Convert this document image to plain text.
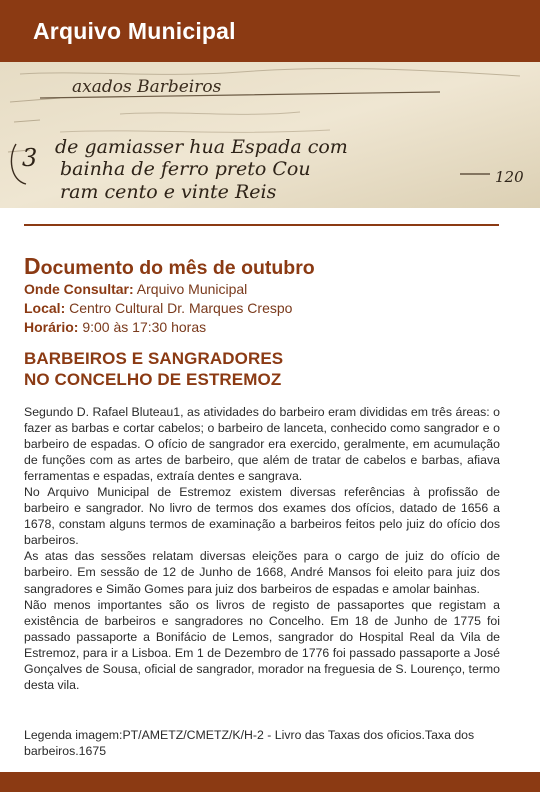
Arquivo Municipal
axados Barbeiros
de gamiasser hua Espada com
bainha de ferro preto Cou
ram cento e vinte Reis
3
120
Documento do mês de outubro
Onde Consultar: Arquivo Municipal
Local: Centro Cultural Dr. Marques Crespo
Horário: 9:00 às 17:30 horas
BARBEIROS E SANGRADORES
NO CONCELHO DE ESTREMOZ

Segundo D. Rafael Bluteau1, as atividades do barbeiro eram divididas em três áreas: o fazer as barbas e cortar cabelos; o barbeiro de lanceta, conhecido como sangrador e o barbeiro de espadas. O ofício de sangrador era exercido, geralmente, em acumulação de funções com as artes de barbeiro, que além de tratar de cabelos e barbas, afiava ferramentas e espadas, extraía dentes e sangrava.

No Arquivo Municipal de Estremoz existem diversas referências à profissão de barbeiro e sangrador. No livro de termos dos exames dos ofícios, datado de 1656 a 1678, constam alguns termos de examinação a barbeiros feitos pelo juiz do ofício dos barbeiros.

As atas das sessões relatam diversas eleições para o cargo de juiz do ofício de barbeiro. Em sessão de 12 de Junho de 1668, André Mansos foi eleito para juiz dos sangradores e Simão Gomes para juiz dos barbeiros de espadas e amolar bainhas.

Não menos importantes são os livros de registo de passaportes que registam a existência de barbeiros e sangradores no Concelho. Em 18 de Junho de 1775 foi passado passaporte a Bonifácio de Lemos, sangrador do Hospital Real da Vila de Estremoz, para ir a Lisboa. Em 1 de Dezembro de 1776 foi passado passaporte a José Gonçalves de Sousa, oficial de sangrador, morador na freguesia de S. Lourenço, termo desta vila.

Legenda imagem:PT/AMETZ/CMETZ/K/H-2 - Livro das Taxas dos oficios.Taxa dos barbeiros.1675
